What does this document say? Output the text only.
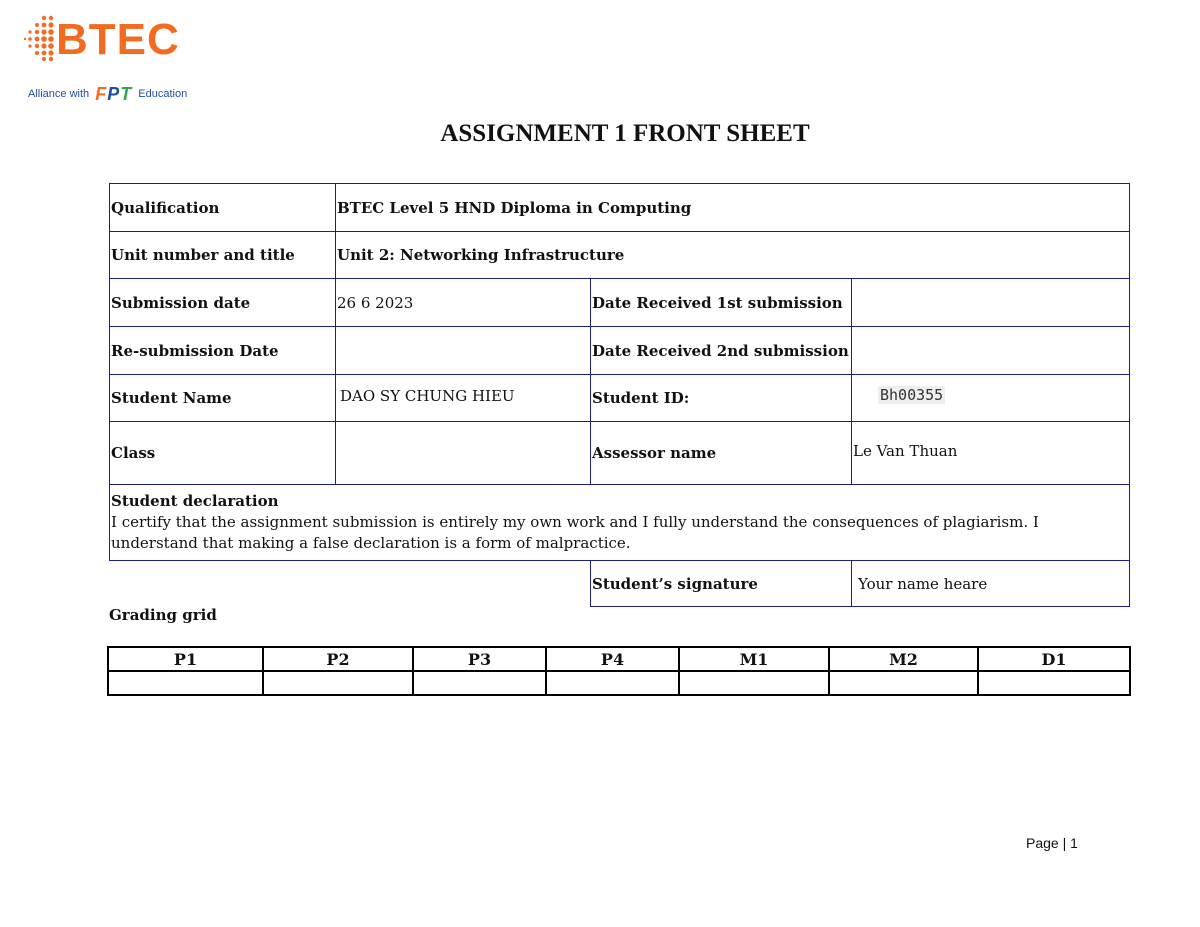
BTEC
Alliance with FPT Education
ASSIGNMENT 1 FRONT SHEET
Qualification	BTEC Level 5 HND Diploma in Computing		
Unit number and title	Unit 2: Networking Infrastructure		
Submission date	26 6 2023	Date Received 1st submission	
Re-submission Date		Date Received 2nd submission	
Student Name	DAO SY CHUNG HIEU	Student ID:	Bh00355
Class		Assessor name	Le Van Thuan

Student declaration
I certify that the assignment submission is entirely my own work and I fully understand the consequences of plagiarism. I understand that making a false declaration is a form of malpractice.			
		Student’s signature	Your name heare
Grading grid
P1	P2	P3	P4	M1	M2	D1

Page | 1
